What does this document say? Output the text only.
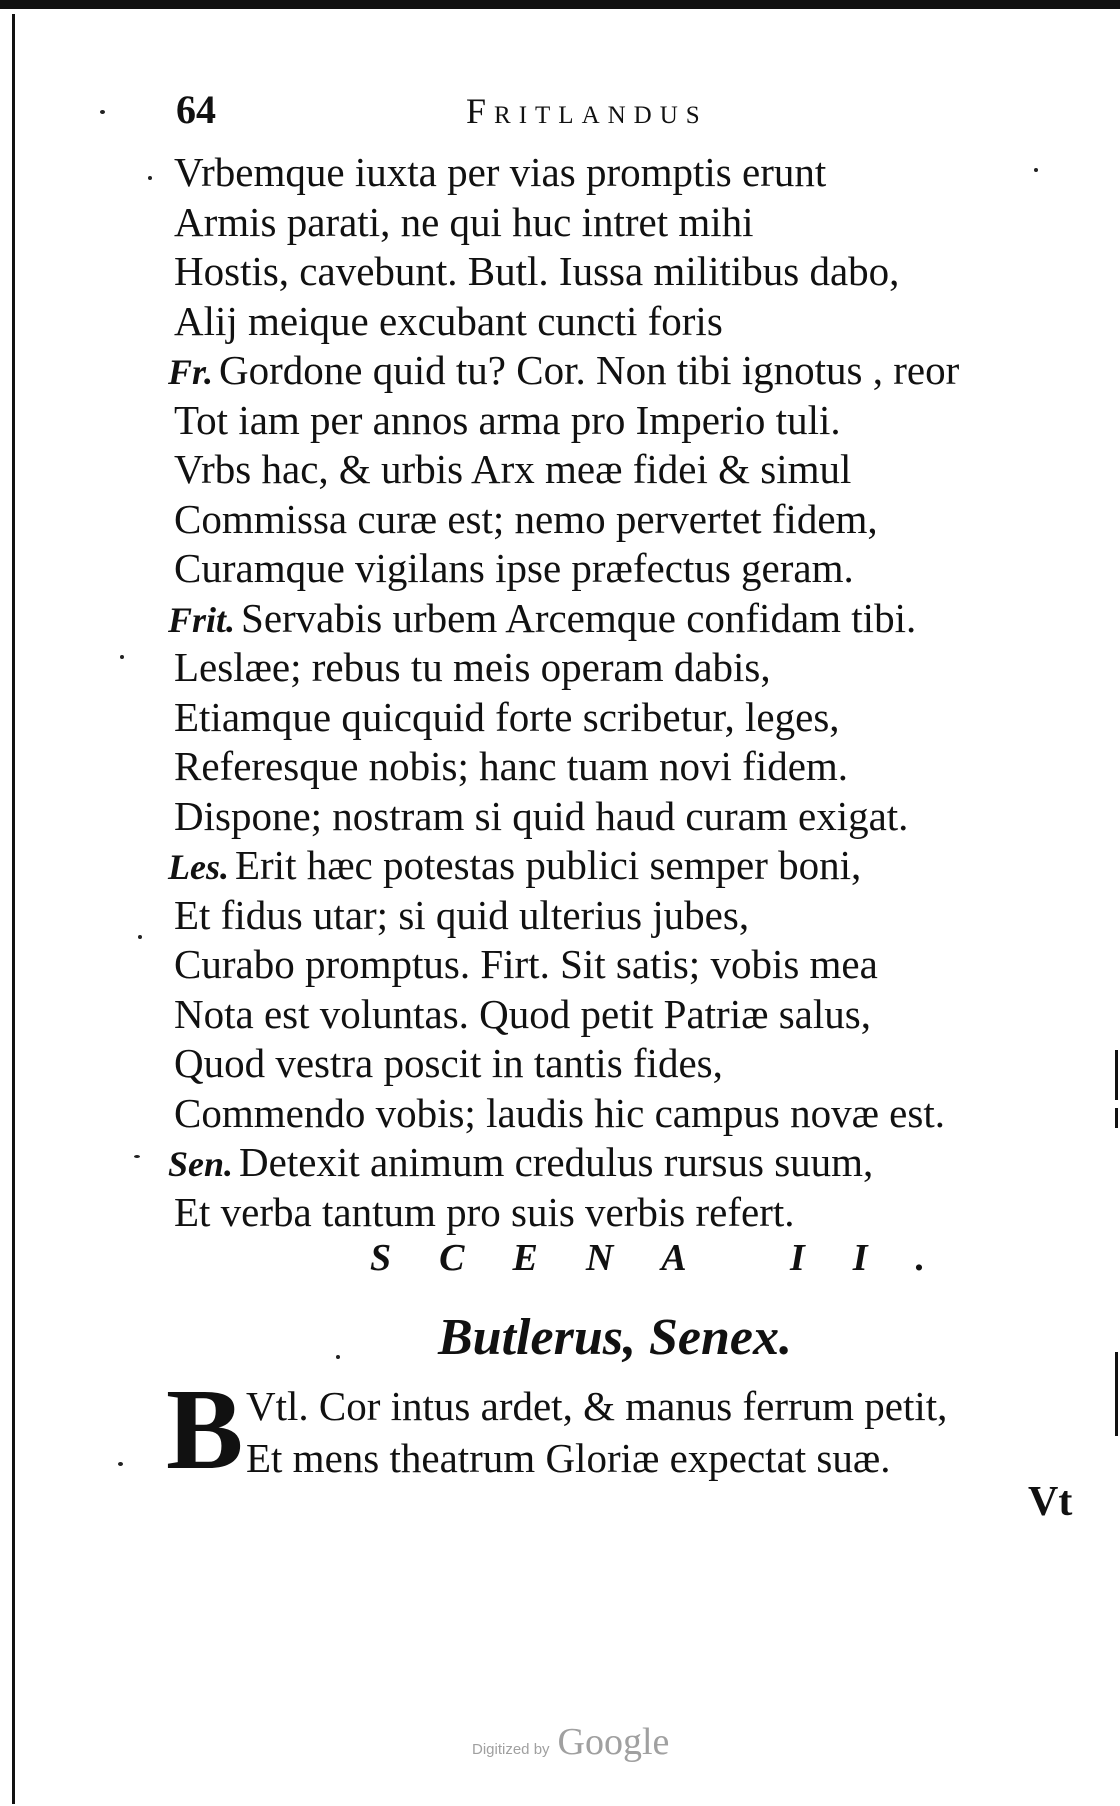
64	Fritlandus
Vrbemque iuxta per vias promptis erunt
Armis parati, ne qui huc intret mihi
Hostis, cavebunt. Butl. Iussa militibus dabo,
Alij meique excubant cuncti foris
Fr. Gordone quid tu? Cor. Non tibi ignotus , reor
Tot iam per annos arma pro Imperio tuli.
Vrbs hac, & urbis Arx meæ fidei & simul
Commissa curæ est; nemo pervertet fidem,
Curamque vigilans ipse præfectus geram.
Frit. Servabis urbem Arcemque confidam tibi.
Leslæe; rebus tu meis operam dabis,
Etiamque quicquid forte scribetur, leges,
Referesque nobis; hanc tuam novi fidem.
Dispone; nostram si quid haud curam exigat.
Les. Erit hæc potestas publici semper boni,
Et fidus utar; si quid ulterius jubes,
Curabo promptus. Firt. Sit satis; vobis mea
Nota est voluntas. Quod petit Patriæ salus,
Quod vestra poscit in tantis fides,
Commendo vobis; laudis hic campus novæ est.
Sen. Detexit animum credulus rursus suum,
Et verba tantum pro suis verbis refert.
SCENA II.
Butlerus, Senex.
B Vtl. Cor intus ardet, & manus ferrum petit,
Et mens theatrum Gloriæ expectat suæ.
Vt
Digitized by Google
